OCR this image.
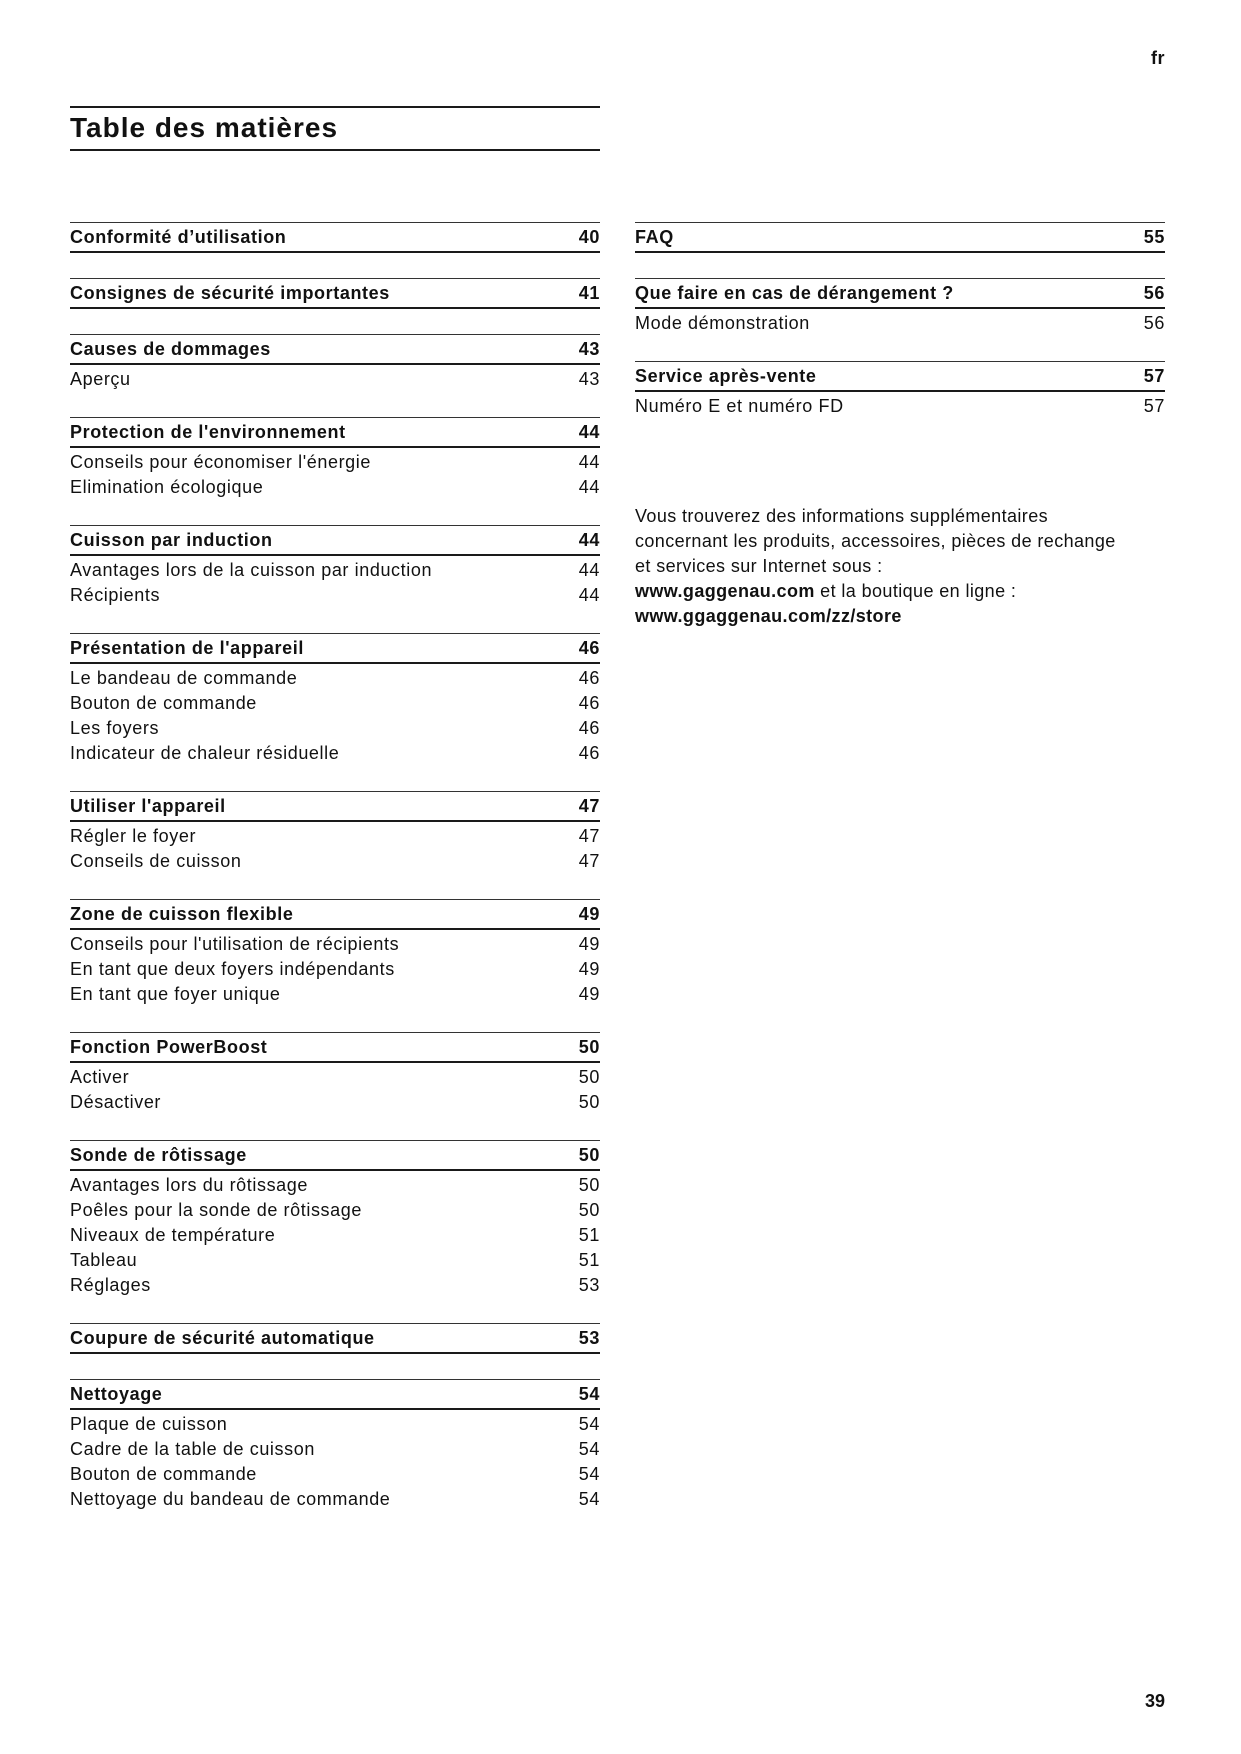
fr
Table des matières
Conformité d’utilisation	40
Consignes de sécurité importantes	41
Causes de dommages	43
Aperçu	43
Protection de l'environnement	44
Conseils pour économiser l'énergie	44
Elimination écologique	44
Cuisson par induction	44
Avantages lors de la cuisson par induction	44
Récipients	44
Présentation de l'appareil	46
Le bandeau de commande	46
Bouton de commande	46
Les foyers	46
Indicateur de chaleur résiduelle	46
Utiliser l'appareil	47
Régler le foyer	47
Conseils de cuisson	47
Zone de cuisson flexible	49
Conseils pour l'utilisation de récipients	49
En tant que deux foyers indépendants	49
En tant que foyer unique	49
Fonction PowerBoost	50
Activer	50
Désactiver	50
Sonde de rôtissage	50
Avantages lors du rôtissage	50
Poêles pour la sonde de rôtissage	50
Niveaux de température	51
Tableau	51
Réglages	53
Coupure de sécurité automatique	53
Nettoyage	54
Plaque de cuisson	54
Cadre de la table de cuisson	54
Bouton de commande	54
Nettoyage du bandeau de commande	54
FAQ	55
Que faire en cas de dérangement ?	56
Mode démonstration	56
Service après-vente	57
Numéro E et numéro FD	57
Vous trouverez des informations supplémentaires concernant les produits, accessoires, pièces de rechange et services sur Internet sous :
www.gaggenau.com et la boutique en ligne :
www.ggaggenau.com/zz/store
39
